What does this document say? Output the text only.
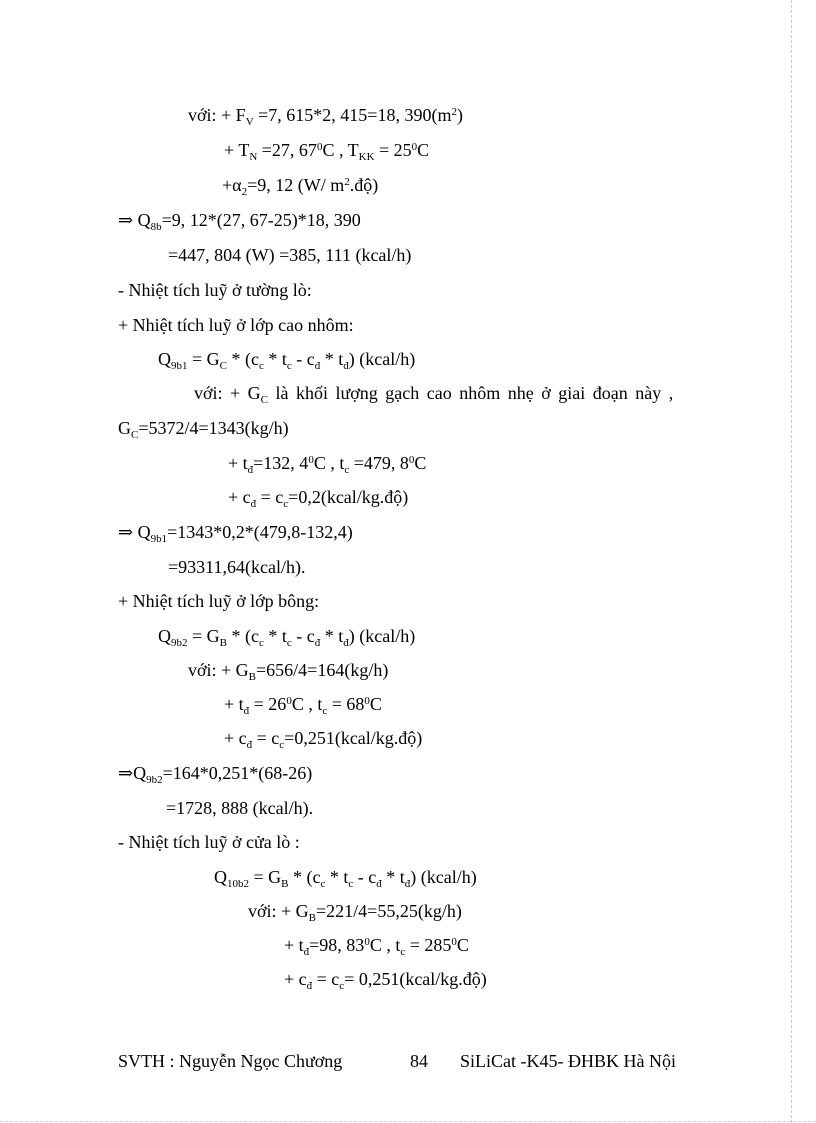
với: + $F_V =7$, 615*2, 415=18, $390(m^2)$
+ $T_N =27$, $67^0C$ , $T_{KK} = 25^0C$
$+\alpha_2=9$, 12 (W/ $m^2.độ$)
⇒ $Q_{8b}=9$, 12*(27, 67-25)*18, 390
=447, 804 (W) =385, 111 (kcal/h)
- Nhiệt tích luỹ ở tường lò:
+ Nhiệt tích luỹ ở lớp cao nhôm:
$Q_{9b1} = G_C * (c_c * t_c - c_đ * t_đ)$ (kcal/h)
với: + $G_C$ là khối lượng gạch cao nhôm nhẹ ở giai đoạn này ,
$G_C=5372/4=1343(kg/h)$
+ $t_đ=132$, $4^0C$ , $t_c =479$, $8^0C$
+ $c_đ$ = $c_c=0,2(kcal/kg.độ)$
⇒ $Q_{9b1}=1343*0,2*(479,8-132,4)$
=93311,64(kcal/h).
+ Nhiệt tích luỹ ở lớp bông:
$Q_{9b2} = G_B * (c_c * t_c - c_đ * t_đ)$ (kcal/h)
với: + $G_B=656/4=164(kg/h)$
+ $t_đ = 26^0C$ , $t_c = 68^0C$
+ $c_đ$ = $c_c=0,251(kcal/kg.độ)$
$\Rightarrow Q_{9b2}=164*0,251*(68-26)$
=1728, 888 (kcal/h).
- Nhiệt tích luỹ ở cửa lò :
$Q_{10b2} = G_B * (c_c * t_c - c_đ * t_đ)$ (kcal/h)
với: + $G_B=221/4=55,25(kg/h)$
+ $t_đ=98$, $83^0C$ , $t_c = 285^0C$
+ $c_đ = c_c=$ 0,251(kcal/kg.độ)
SVTH : Nguyễn Ngọc Chương	84 SiLiCat -K45- ĐHBK Hà Nội
